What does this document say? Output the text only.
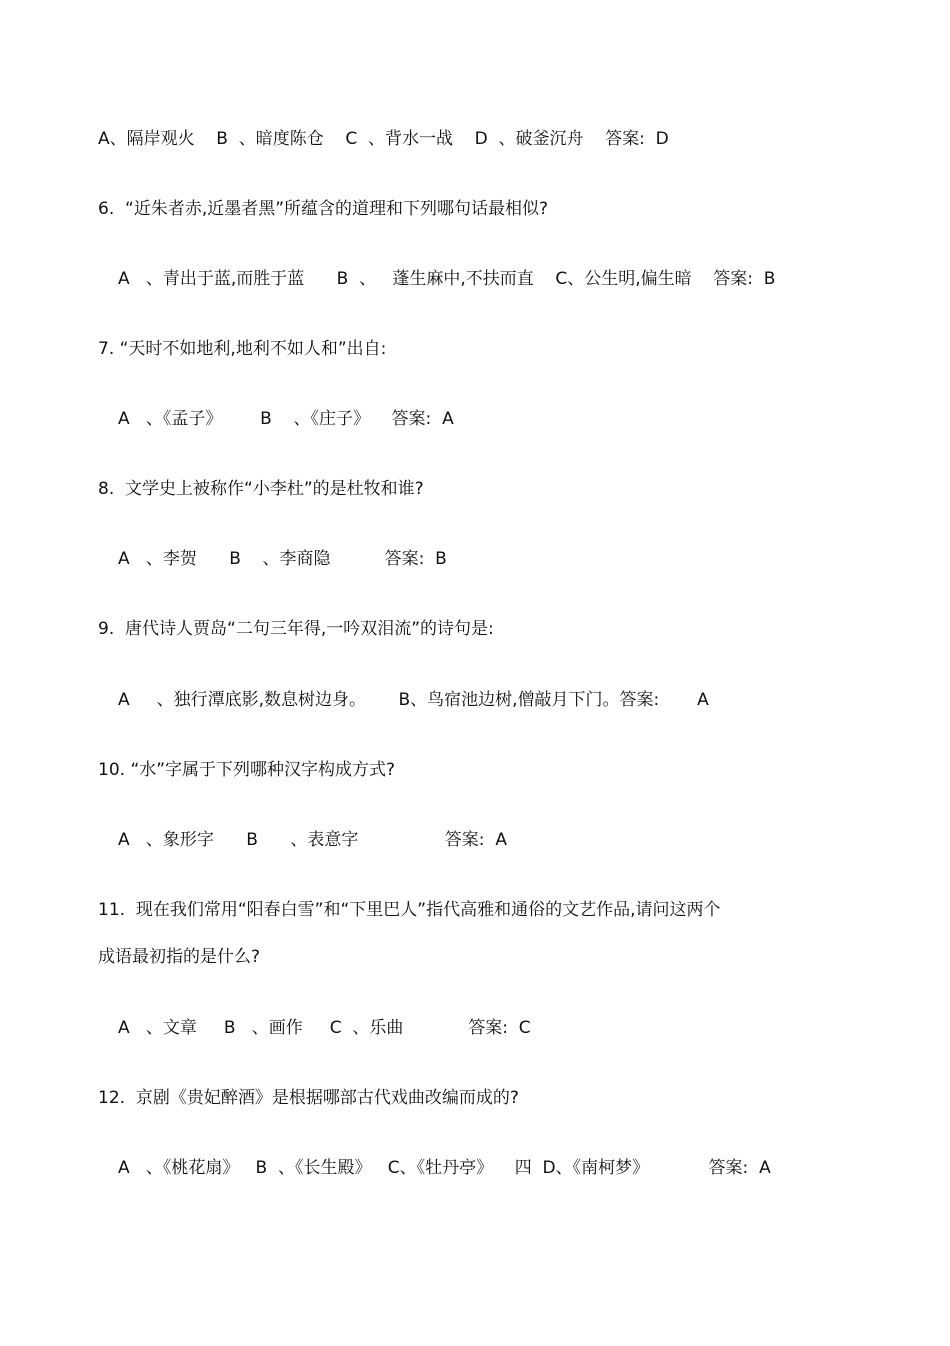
A、隔岸观火    B  、暗度陈仓    C  、背水一战    D  、破釜沉舟    答案:  D
6.  “近朱者赤,近墨者黑”所蕴含的道理和下列哪句话最相似?
A   、青出于蓝,而胜于蓝      B  、   蓬生麻中,不扶而直    C、公生明,偏生暗    答案:  B
7. “天时不如地利,地利不如人和”出自:
A   、《孟子》       B    、《庄子》    答案:  A
8.  文学史上被称作“小李杜”的是杜牧和谁?
A   、李贺      B    、李商隐          答案:  B
9.  唐代诗人贾岛“二句三年得,一吟双泪流”的诗句是:
A     、独行潭底影,数息树边身。      B、鸟宿池边树,僧敲月下门。答案:       A
10. “水”字属于下列哪种汉字构成方式?
A   、象形字      B      、表意字                答案:  A
11.  现在我们常用“阳春白雪”和“下里巴人”指代高雅和通俗的文艺作品,请问这两个
成语最初指的是什么?
A   、文章     B   、画作     C  、乐曲            答案:  C
12.  京剧《贵妃醉酒》是根据哪部古代戏曲改编而成的?
A   、《桃花扇》   B  、《长生殿》   C、《牡丹亭》    四  D、《南柯梦》           答案:  A
